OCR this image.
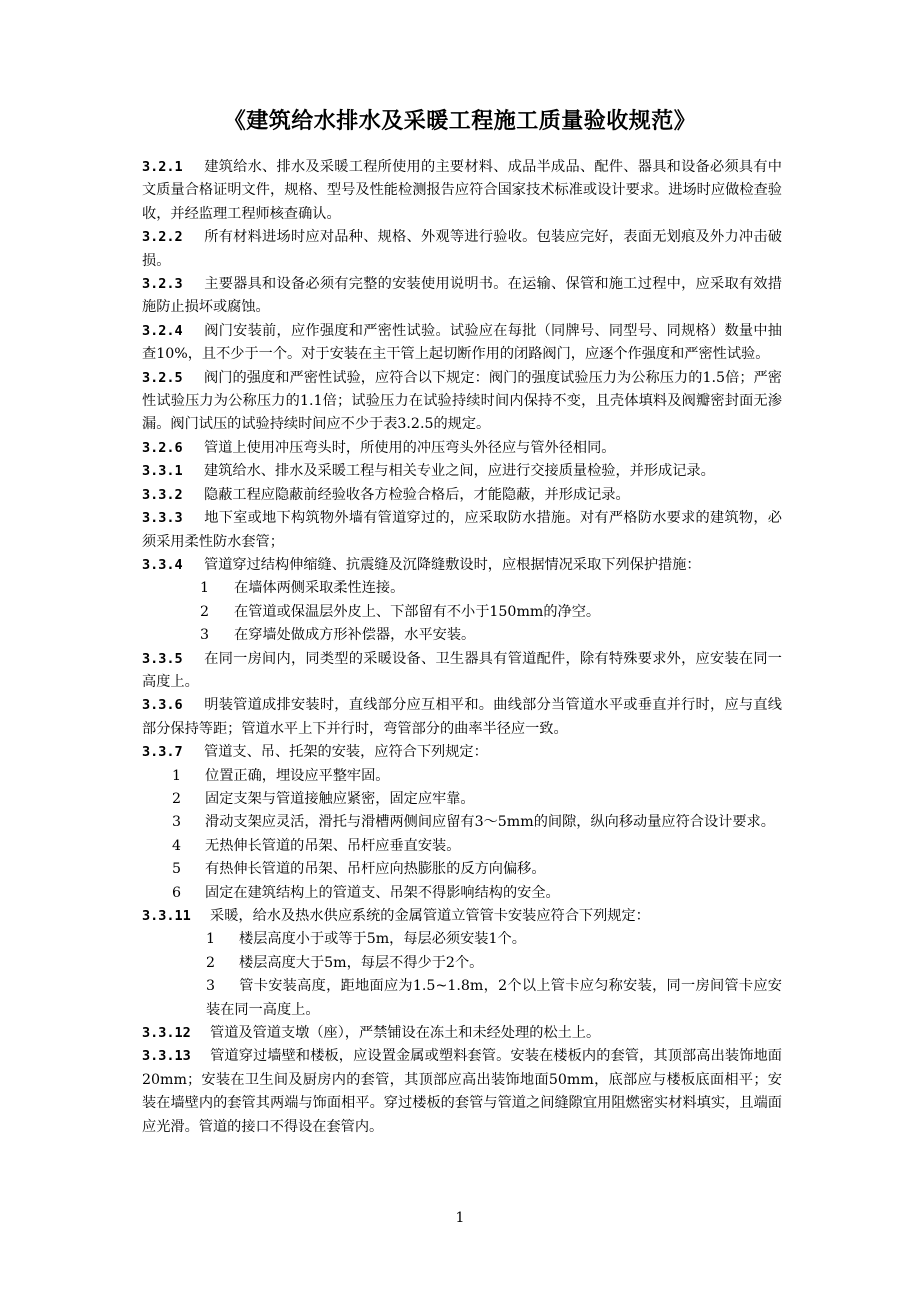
《建筑给水排水及采暖工程施工质量验收规范》

3.2.1 建筑给水、排水及采暖工程所使用的主要材料、成品半成品、配件、器具和设备必须具有中文质量合格证明文件，规格、型号及性能检测报告应符合国家技术标准或设计要求。进场时应做检查验收，并经监理工程师核查确认。

3.2.2 所有材料进场时应对品种、规格、外观等进行验收。包装应完好，表面无划痕及外力冲击破损。

3.2.3 主要器具和设备必须有完整的安装使用说明书。在运输、保管和施工过程中，应采取有效措施防止损坏或腐蚀。

3.2.4 阀门安装前，应作强度和严密性试验。试验应在每批（同牌号、同型号、同规格）数量中抽查10%，且不少于一个。对于安装在主干管上起切断作用的闭路阀门，应逐个作强度和严密性试验。

3.2.5 阀门的强度和严密性试验，应符合以下规定：阀门的强度试验压力为公称压力的1.5倍；严密性试验压力为公称压力的1.1倍；试验压力在试验持续时间内保持不变，且壳体填料及阀瓣密封面无渗漏。阀门试压的试验持续时间应不少于表3.2.5的规定。

3.2.6 管道上使用冲压弯头时，所使用的冲压弯头外径应与管外径相同。

3.3.1 建筑给水、排水及采暖工程与相关专业之间，应进行交接质量检验，并形成记录。

3.3.2 隐蔽工程应隐蔽前经验收各方检验合格后，才能隐蔽，并形成记录。

3.3.3 地下室或地下构筑物外墙有管道穿过的，应采取防水措施。对有严格防水要求的建筑物，必须采用柔性防水套管；

3.3.4 管道穿过结构伸缩缝、抗震缝及沉降缝敷设时，应根据情况采取下列保护措施：

1 在墙体两侧采取柔性连接。

2 在管道或保温层外皮上、下部留有不小于150mm的净空。

3 在穿墙处做成方形补偿器，水平安装。

3.3.5 在同一房间内，同类型的采暖设备、卫生器具有管道配件，除有特殊要求外，应安装在同一高度上。

3.3.6 明装管道成排安装时，直线部分应互相平和。曲线部分当管道水平或垂直并行时，应与直线部分保持等距；管道水平上下并行时，弯管部分的曲率半径应一致。

3.3.7 管道支、吊、托架的安装，应符合下列规定：

1 位置正确，埋设应平整牢固。

2 固定支架与管道接触应紧密，固定应牢靠。

3 滑动支架应灵活，滑托与滑槽两侧间应留有3～5mm的间隙，纵向移动量应符合设计要求。

4 无热伸长管道的吊架、吊杆应垂直安装。

5 有热伸长管道的吊架、吊杆应向热膨胀的反方向偏移。

6 固定在建筑结构上的管道支、吊架不得影响结构的安全。

3.3.11 采暖，给水及热水供应系统的金属管道立管管卡安装应符合下列规定：

1 楼层高度小于或等于5m，每层必须安装1个。

2 楼层高度大于5m，每层不得少于2个。

3 管卡安装高度，距地面应为1.5~1.8m，2个以上管卡应匀称安装，同一房间管卡应安装在同一高度上。

3.3.12 管道及管道支墩（座），严禁铺设在冻土和未经处理的松土上。

3.3.13 管道穿过墙壁和楼板，应设置金属或塑料套管。安装在楼板内的套管，其顶部高出装饰地面20mm；安装在卫生间及厨房内的套管，其顶部应高出装饰地面50mm，底部应与楼板底面相平；安装在墙壁内的套管其两端与饰面相平。穿过楼板的套管与管道之间缝隙宜用阻燃密实材料填实，且端面应光滑。管道的接口不得设在套管内。

1
